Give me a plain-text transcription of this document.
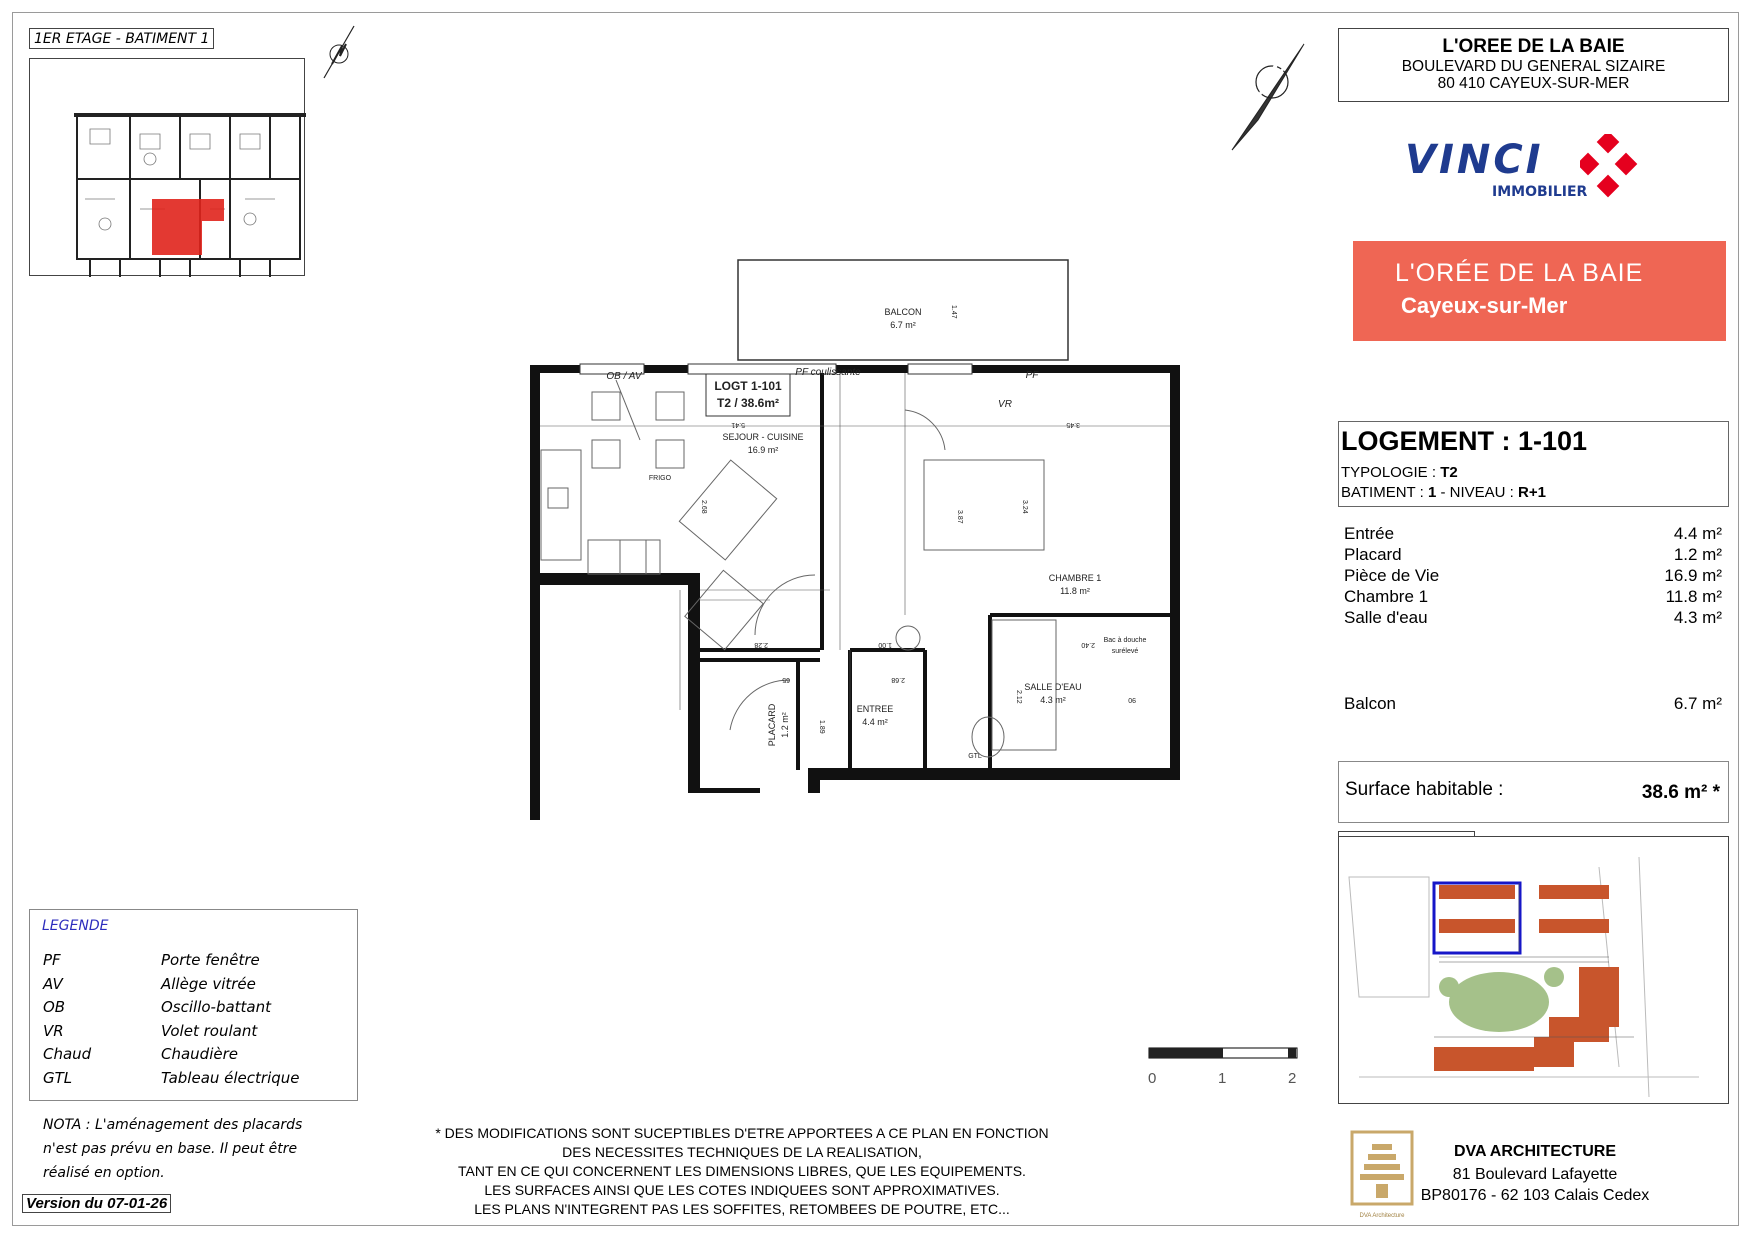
1ER ETAGE - BATIMENT 1	L'OREE DE LA BAIE
BOULEVARD DU GENERAL SIZAIRE
80 410 CAYEUX-SUR-MER
VINCI
IMMOBILIER
L'ORÉE DE LA BAIE
Cayeux-sur-Mer
LOGEMENT : 1-101
TYPOLOGIE : T2
BATIMENT : 1 - NIVEAU : R+1
Entrée	4.4 m²
Placard	1.2 m²
Pièce de Vie	16.9 m²
Chambre 1	11.8 m²
Salle d'eau	4.3 m²
Balcon	6.7 m²
Surface habitable :	38.6 m² *
0	1	2
LEGENDE
PF	Porte fenêtre
AV	Allège vitrée
OB	Oscillo-battant
VR	Volet roulant
Chaud	Chaudière
GTL	Tableau électrique
NOTA : L'aménagement des placards
n'est pas prévu en base. Il peut être
réalisé en option.
Version du 07-01-26
* DES MODIFICATIONS SONT SUCEPTIBLES D'ETRE APPORTEES A CE PLAN EN FONCTION
DES NECESSITES TECHNIQUES DE LA REALISATION,
TANT EN CE QUI CONCERNENT LES DIMENSIONS LIBRES, QUE LES EQUIPEMENTS.
LES SURFACES AINSI QUE LES COTES INDIQUEES SONT APPROXIMATIVES.
LES PLANS N'INTEGRENT PAS LES SOFFITES, RETOMBEES DE POUTRE, ETC...	DVA Architecture
DVA ARCHITECTURE
81 Boulevard Lafayette
BP80176 - 62 103 Calais Cedex
LOGT 1-101
T2 / 38.6m²
BALCON
6.7 m²
SEJOUR - CUISINE
16.9 m²
CHAMBRE 1
11.8 m²
SALLE D'EAU
4.3 m²
ENTREE
4.4 m²
PLACARD 1.2 m²
OB / AV	PF coulissante	PF
VR
FRIGO
Bac à douche
surélevé
GTL
1.47
5.41	3.45
2.68
3.87
3.24
2.28	1.00
65	2.68
2.12
1.89
2.40
90
